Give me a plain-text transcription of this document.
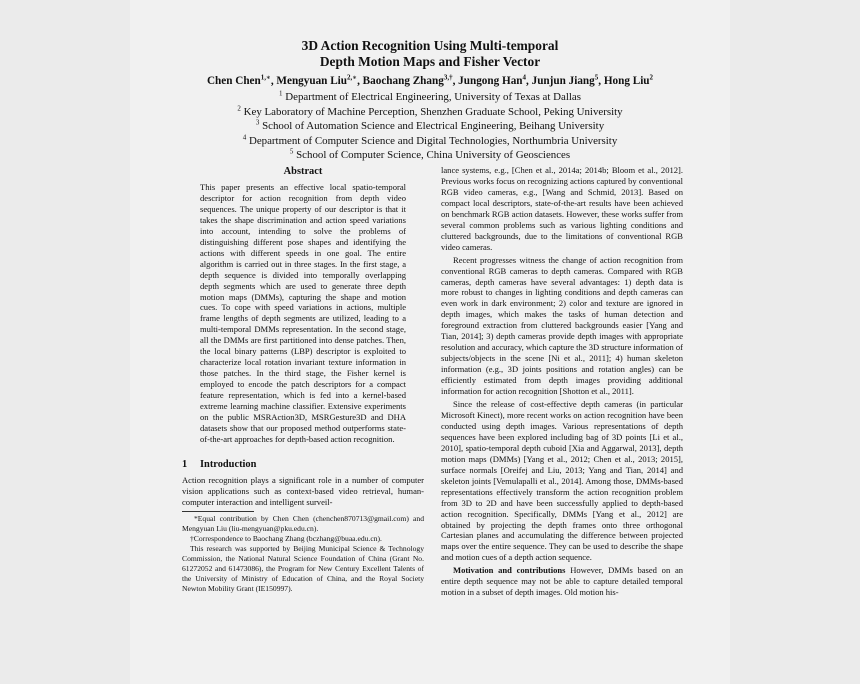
3D Action Recognition Using Multi-temporal
Depth Motion Maps and Fisher Vector
Chen Chen$^{1,∗}$, Mengyuan Liu$^{2,∗}$, Baochang Zhang$^{3,\dagger}$, Jungong Han$^4$, Junjun Jiang$^5$, Hong Liu$^2$
$^1$ Department of Electrical Engineering, University of Texas at Dallas
$^2$ Key Laboratory of Machine Perception, Shenzhen Graduate School, Peking University
$^3$ School of Automation Science and Electrical Engineering, Beihang University
$^4$ Department of Computer Science and Digital Technologies, Northumbria University
$^5$ School of Computer Science, China University of Geosciences
Abstract
This paper presents an effective local spatio-temporal descriptor for action recognition from depth video sequences. The unique property of our descriptor is that it takes the shape discrimination and action speed variations into account, intending to solve the problems of distinguishing different pose shapes and identifying the actions with different speeds in one goal. The entire algorithm is carried out in three stages. In the first stage, a depth sequence is divided into temporally overlapping depth segments which are used to generate three depth motion maps (DMMs), capturing the shape and motion cues. To cope with speed variations in actions, multiple frame lengths of depth segments are utilized, leading to a multi-temporal DMMs representation. In the second stage, all the DMMs are first partitioned into dense patches. Then, the local binary patterns (LBP) descriptor is exploited to characterize local rotation invariant texture information in those patches. In the third stage, the Fisher kernel is employed to encode the patch descriptors for a compact feature representation, which is fed into a kernel-based extreme learning machine classifier. Extensive experiments on the public MSRAction3D, MSRGesture3D and DHA datasets show that our proposed method outperforms state-of-the-art approaches for depth-based action recognition.
1 Introduction
Action recognition plays a significant role in a number of computer vision applications such as context-based video retrieval, human-computer interaction and intelligent surveil-
*Equal contribution by Chen Chen (chenchen870713@gmail.com) and Mengyuan Liu (liu-mengyuan@pku.edu.cn).
†Correspondence to Baochang Zhang (bczhang@buaa.edu.cn).
This research was supported by Beijing Municipal Science & Technology Commission, the National Natural Science Foundation of China (Grant No. 61272052 and 61473086), the Program for New Century Excellent Talents of the University of Ministry of Education of China, and the Royal Society Newton Mobility Grant (IE150997).
lance systems, e.g., [Chen et al., 2014a; 2014b; Bloom et al., 2012]. Previous works focus on recognizing actions captured by conventional RGB video cameras, e.g., [Wang and Schmid, 2013]. Based on compact local descriptors, state-of-the-art results have been achieved on benchmark RGB action datasets. However, these works suffer from several common problems such as various lighting conditions and cluttered backgrounds, due to the limitations of conventional RGB video cameras.
Recent progresses witness the change of action recognition from conventional RGB cameras to depth cameras. Compared with RGB cameras, depth cameras have several advantages: 1) depth data is more robust to changes in lighting conditions and depth cameras can even work in dark environment; 2) color and texture are ignored in depth images, which makes the tasks of human detection and foreground extraction from cluttered backgrounds easier [Yang and Tian, 2014]; 3) depth cameras provide depth images with appropriate resolution and accuracy, which capture the 3D structure information of subjects/objects in the scene [Ni et al., 2011]; 4) human skeleton information (e.g., 3D joints positions and rotation angles) can be efficiently estimated from depth images providing additional information for action recognition [Shotton et al., 2011].
Since the release of cost-effective depth cameras (in particular Microsoft Kinect), more recent works on action recognition have been conducted using depth images. Various representations of depth sequences have been explored including bag of 3D points [Li et al., 2010], spatio-temporal depth cuboid [Xia and Aggarwal, 2013], depth motion maps (DMMs) [Yang et al., 2012; Chen et al., 2013; 2015], surface normals [Oreifej and Liu, 2013; Yang and Tian, 2014] and skeleton joints [Vemulapalli et al., 2014]. Among those, DMMs-based representations effectively transform the action recognition problem from 3D to 2D and have been successfully applied to depth-based action recognition. Specifically, DMMs [Yang et al., 2012] are obtained by projecting the depth frames onto three orthogonal Cartesian planes and accumulating the difference between projected maps over the entire sequence. They can be used to describe the shape and motion cues of a depth action sequence.
Motivation and contributions However, DMMs based on an entire depth sequence may not be able to capture detailed temporal motion in a subset of depth images. Old motion his-
